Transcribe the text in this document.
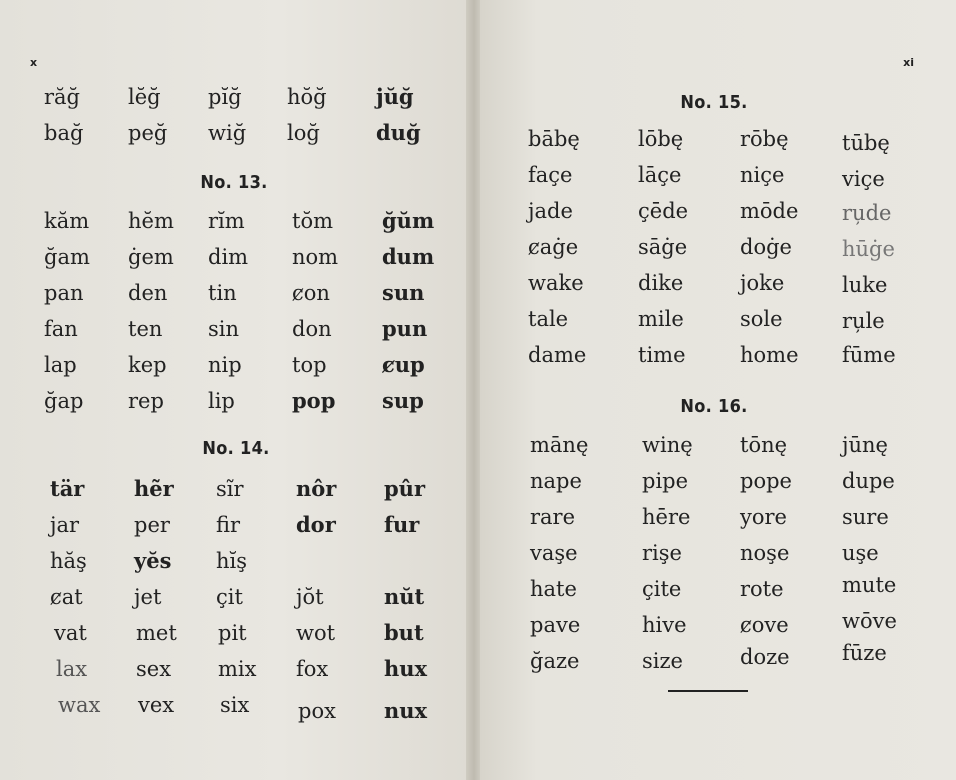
x
răğ lĕğ pĭğ hŏğ jŭğ
bağ peğ wiğ loğ	duğ
No. 13.
kăm hĕm rĭm tŏm ğŭm
ğam ġem dim nom dum
pan den tin	ȼon sun
fan ten sin	don pun
lap kep nip top	ȼup
ğap rep lip	pop sup
No. 14.
tär hẽr sĩr nôr pûr
jar	per fir	dor fur
hăş yĕs hĭş
ȼat jet	çit	jŏt	nŭt
vat met pit wot but
lax sex mix fox	hux
wax vex six pox nux
xi
No. 15.
bābę	lōbę	rōbę	tūbę
façe	lāçe	niçe	viçe
jade	çēde mōde ru̦de
ȼaġe	sāġe	doġe hūġe
wake	dike	joke	luke
tale	mile	sole	ru̦le
dame time	home fūme
No. 16.
mānę	winę tōnę	jūnę
nape	pipe pope dupe
rare	hēre yore	sure
vaşe	rişe	noşe	uşe
hate	çite	rote	mute
pave	hive	ȼove	wōve
ğaze	size	doze fūze
